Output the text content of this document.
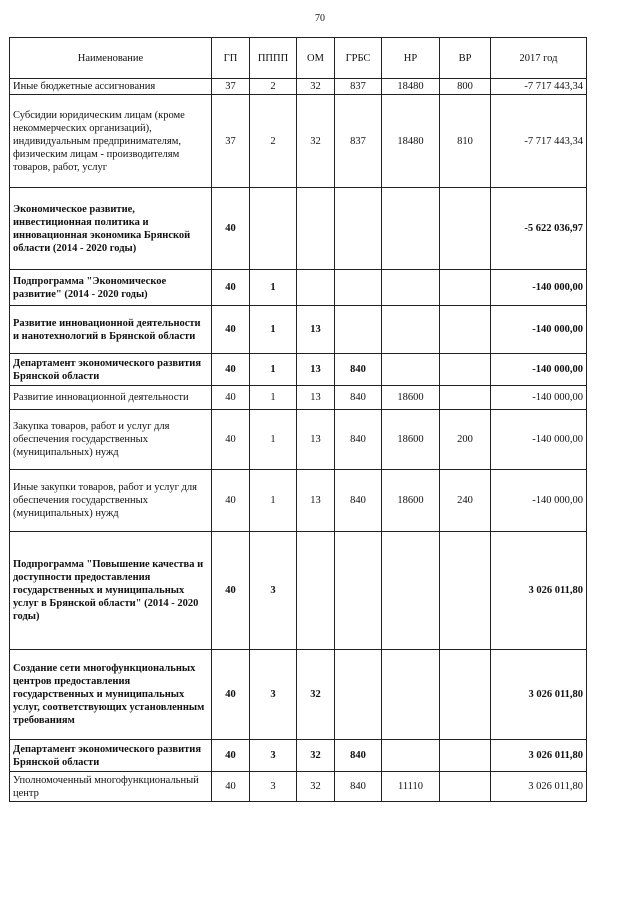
70
Наименование	ГП	ПППП	ОМ	ГРБС	НР	ВР	2017 год
Иные бюджетные ассигнования	37	2	32	837	18480	800	-7 717 443,34
Субсидии юридическим лицам (кроме некоммерческих организаций), индивидуальным предпринимателям, физическим лицам - производителям товаров, работ, услуг	37	2	32	837	18480	810	-7 717 443,34
Экономическое развитие, инвестиционная политика и инновационная экономика Брянской области (2014 - 2020 годы)	40						-5 622 036,97
Подпрограмма "Экономическое развитие" (2014 - 2020 годы)	40	1					-140 000,00
Развитие инновационной деятельности и нанотехнологий в Брянской области	40	1	13				-140 000,00
Департамент экономического развития Брянской области	40	1	13	840			-140 000,00
Развитие инновационной деятельности	40	1	13	840	18600		-140 000,00
Закупка товаров, работ и услуг для обеспечения государственных (муниципальных) нужд	40	1	13	840	18600	200	-140 000,00
Иные закупки товаров, работ и услуг для обеспечения государственных (муниципальных) нужд	40	1	13	840	18600	240	-140 000,00
Подпрограмма "Повышение качества и доступности предоставления государственных и муниципальных услуг в Брянской области" (2014 - 2020 годы)	40	3					3 026 011,80
Создание сети многофункциональных центров предоставления государственных и муниципальных услуг, соответствующих установленным требованиям	40	3	32				3 026 011,80
Департамент экономического развития Брянской области	40	3	32	840			3 026 011,80
Уполномоченный многофункциональный центр	40	3	32	840	11110		3 026 011,80
